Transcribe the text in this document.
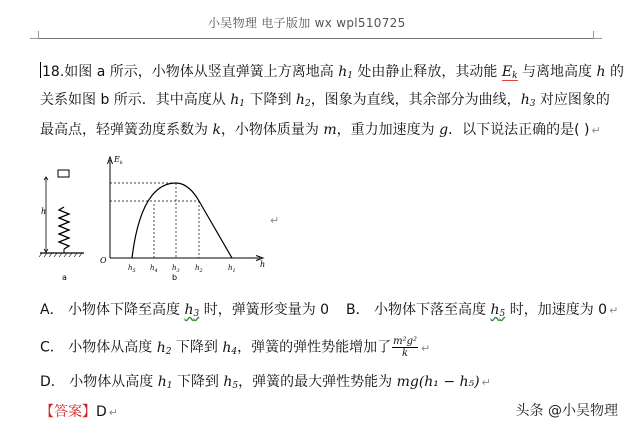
小吴物理 电子版加 wx wpl510725
18.如图 a 所示，小物体从竖直弹簧上方离地高 $h_1$ 处由静止释放，其动能 $E_k$ 与离地高度 h 的
关系如图 b 所示．其中高度从 $h_1$ 下降到 $h_2$，图象为直线，其余部分为曲线，$h_3$ 对应图象的
最高点，轻弹簧劲度系数为 k，小物体质量为 m，重力加速度为 g．以下说法正确的是( ) ↵
h
a
$E_k$
O	h
$h_5$ $h_4$ $h_3$ $h_2$	$h_1$
b
↵
A． 小物体下降至高度 $h_3$ 时，弹簧形变量为 0 B． 小物体下落至高度 $h_5$ 时，加速度为 0 ↵
C． 小物体从高度 $h_2$ 下降到 $h_4$，弹簧的弹性势能增加了 $\frac{\text{m²g²}}{k}$ ↵
D． 小物体从高度 $h_1$ 下降到 $h_5$，弹簧的最大弹性势能为 mg(h₁ − h₅) ↵
【答案】D ↵	头条 @小吴物理
